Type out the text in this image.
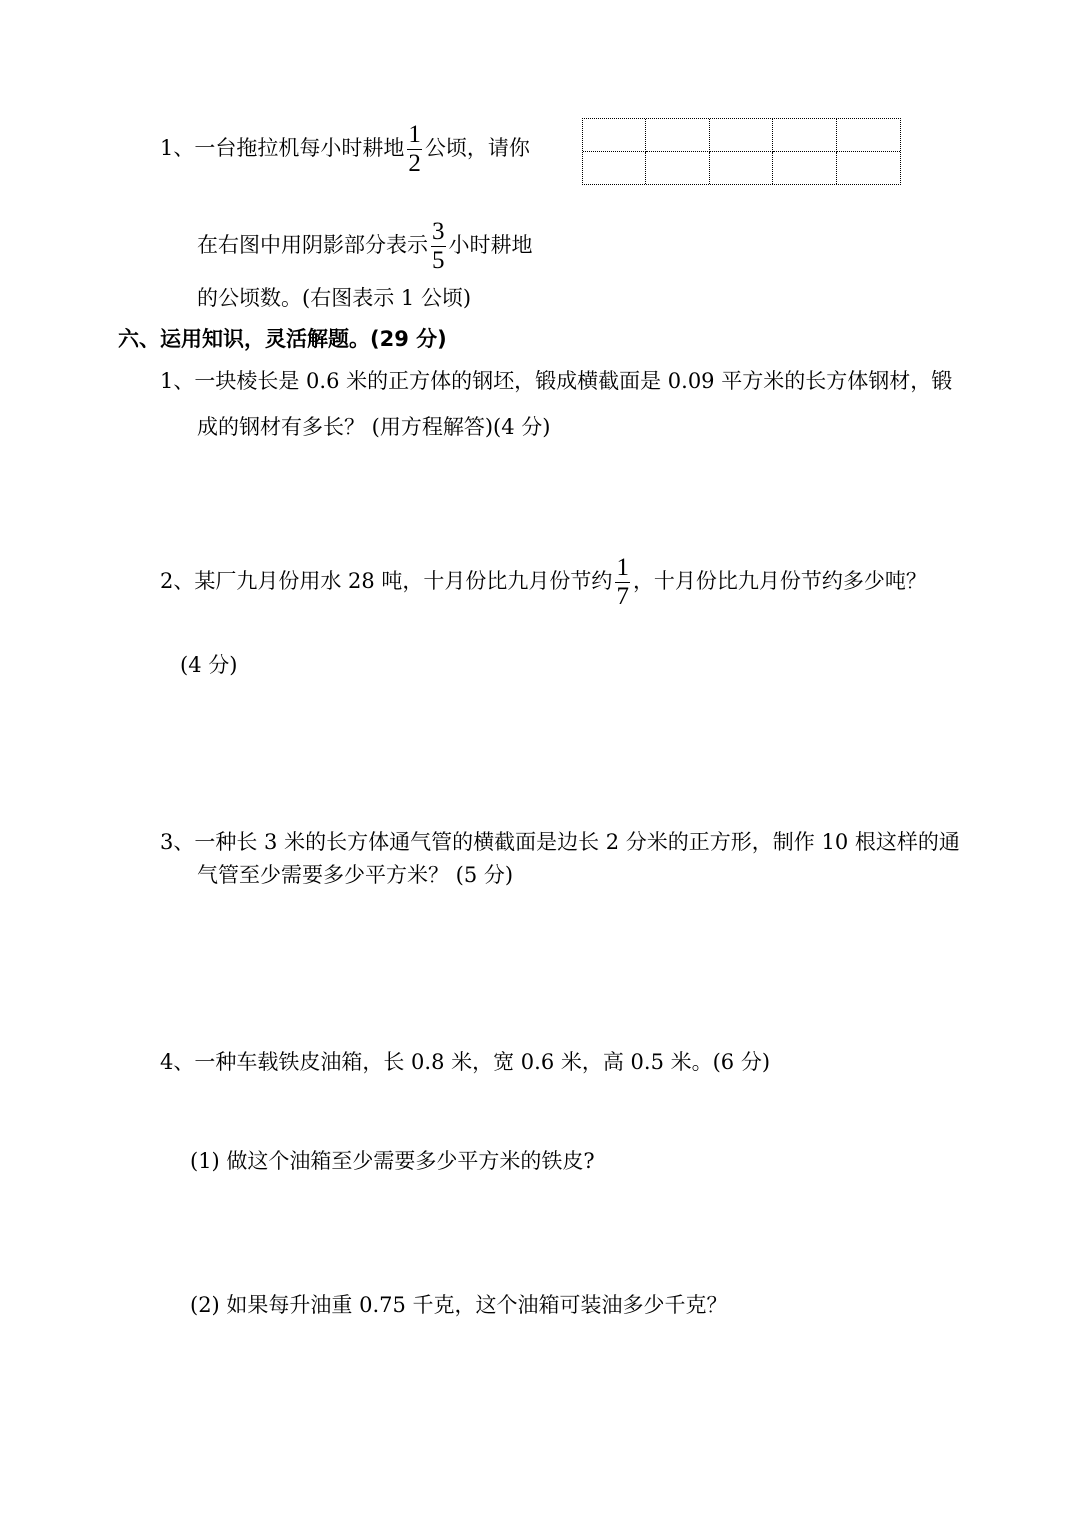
1、一台拖拉机每小时耕地 $\frac{1}{2}$ 公顷，请你
在右图中用阴影部分表示 $\frac{3}{5}$ 小时耕地
的公顷数。(右图表示 1 公顷)
六、运用知识，灵活解题。(29 分)
1、一块棱长是 0.6 米的正方体的钢坯，锻成横截面是 0.09 平方米的长方体钢材，锻
成的钢材有多长？ (用方程解答)(4 分)
2、某厂九月份用水 28 吨，十月份比九月份节约 $\frac{1}{7}$ ，十月份比九月份节约多少吨？
(4 分)
3、一种长 3 米的长方体通气管的横截面是边长 2 分米的正方形，制作 10 根这样的通
气管至少需要多少平方米？ (5 分)
4、一种车载铁皮油箱，长 0.8 米，宽 0.6 米，高 0.5 米。(6 分)
(1) 做这个油箱至少需要多少平方米的铁皮?
(2) 如果每升油重 0.75 千克，这个油箱可装油多少千克？
